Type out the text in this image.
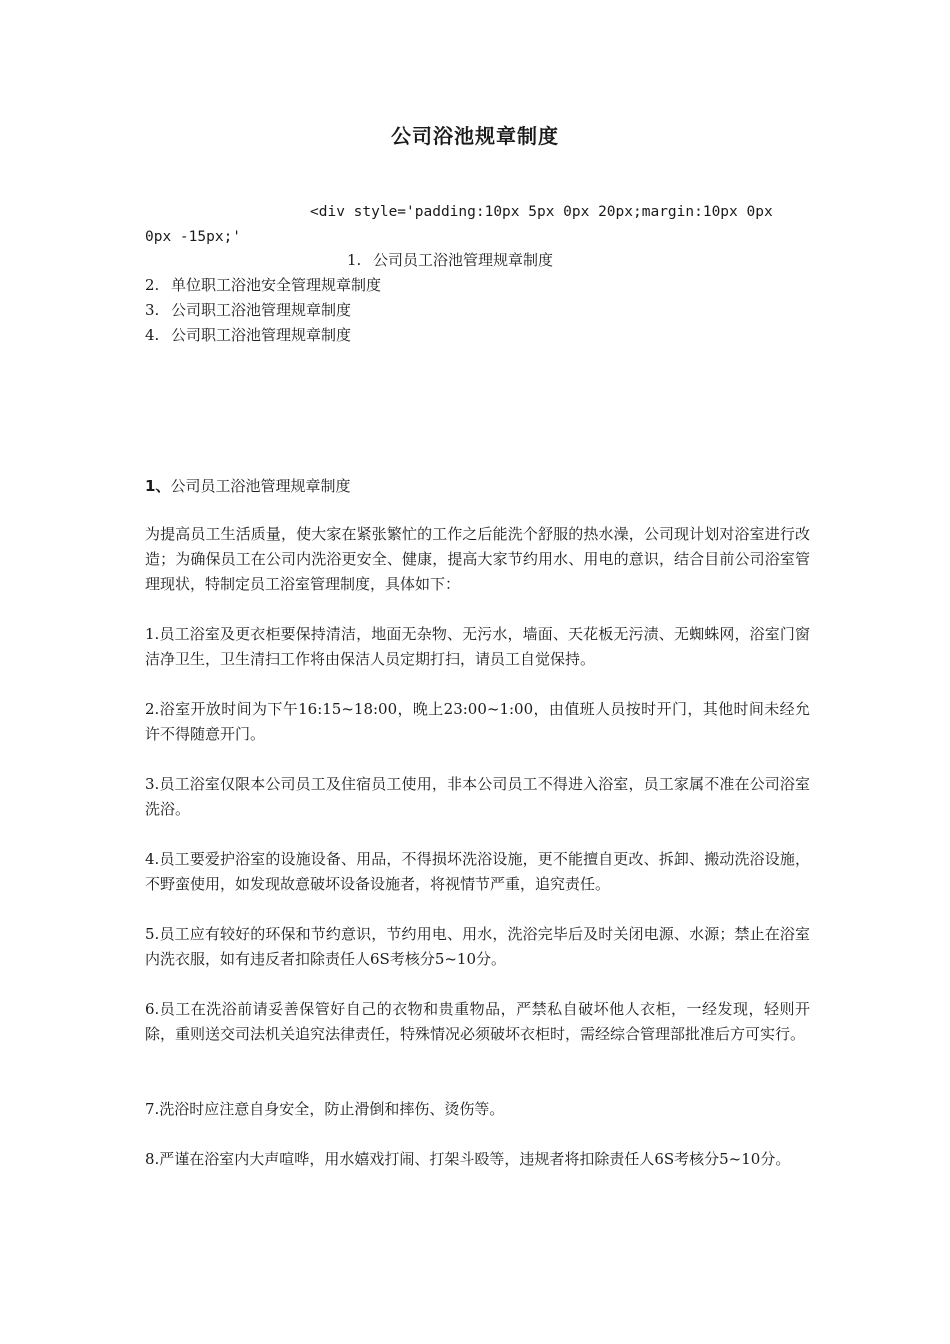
公司浴池规章制度
<div style='padding:10px 5px 0px 20px;margin:10px 0px
0px -15px;'
1. 公司员工浴池管理规章制度
2. 单位职工浴池安全管理规章制度
3. 公司职工浴池管理规章制度
4. 公司职工浴池管理规章制度
1、公司员工浴池管理规章制度

为提高员工生活质量，使大家在紧张繁忙的工作之后能洗个舒服的热水澡，公司现计划对浴室进行改造；为确保员工在公司内洗浴更安全、健康，提高大家节约用水、用电的意识，结合目前公司浴室管理现状，特制定员工浴室管理制度，具体如下：

1.员工浴室及更衣柜要保持清洁，地面无杂物、无污水，墙面、天花板无污渍、无蜘蛛网，浴室门窗洁净卫生，卫生清扫工作将由保洁人员定期打扫，请员工自觉保持。

2.浴室开放时间为下午16:15~18:00，晚上23:00~1:00，由值班人员按时开门，其他时间未经允许不得随意开门。

3.员工浴室仅限本公司员工及住宿员工使用，非本公司员工不得进入浴室，员工家属不准在公司浴室洗浴。

4.员工要爱护浴室的设施设备、用品，不得损坏洗浴设施，更不能擅自更改、拆卸、搬动洗浴设施，不野蛮使用，如发现故意破坏设备设施者，将视情节严重，追究责任。

5.员工应有较好的环保和节约意识，节约用电、用水，洗浴完毕后及时关闭电源、水源；禁止在浴室内洗衣服，如有违反者扣除责任人6S考核分5~10分。

6.员工在洗浴前请妥善保管好自己的衣物和贵重物品，严禁私自破坏他人衣柜，一经发现，轻则开除，重则送交司法机关追究法律责任，特殊情况必须破坏衣柜时，需经综合管理部批准后方可实行。

7.洗浴时应注意自身安全，防止滑倒和摔伤、烫伤等。

8.严谨在浴室内大声喧哗，用水嬉戏打闹、打架斗殴等，违规者将扣除责任人6S考核分5~10分。
